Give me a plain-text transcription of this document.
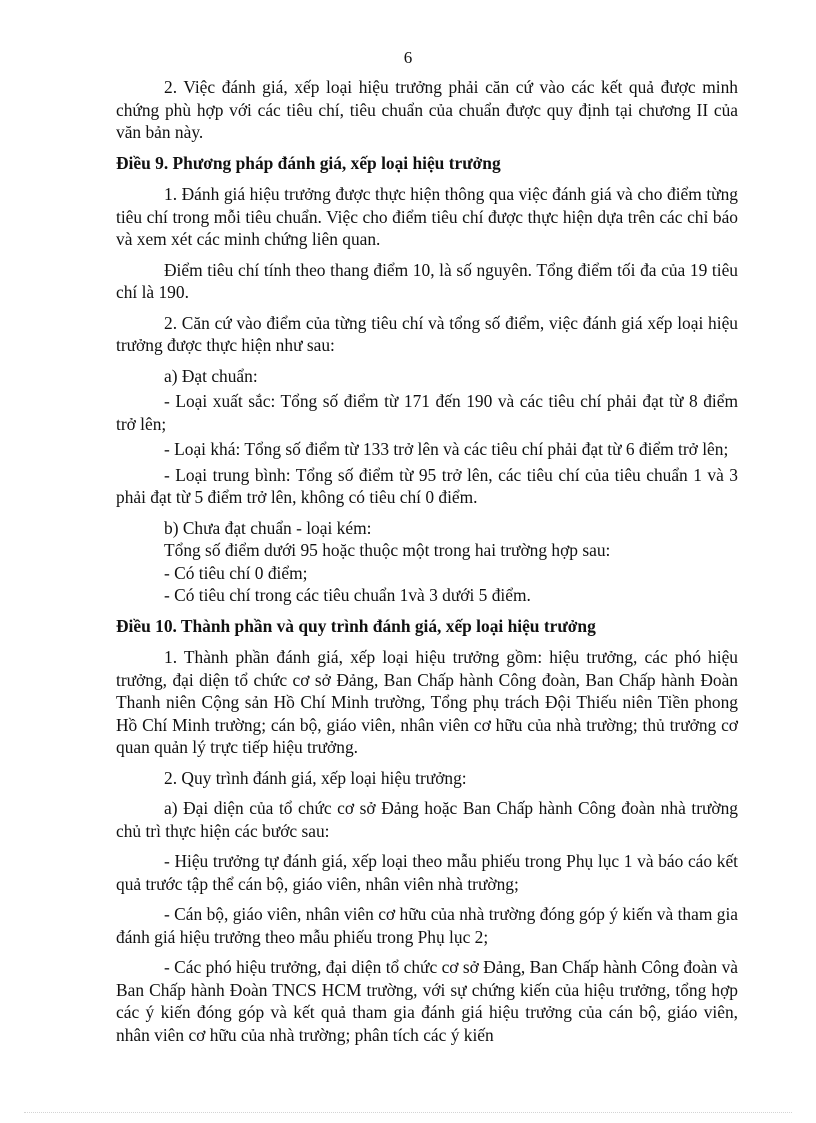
6

2. Việc đánh giá, xếp loại hiệu trưởng phải căn cứ vào các kết quả được minh chứng phù hợp với các tiêu chí, tiêu chuẩn của chuẩn được quy định tại chương II của văn bản này.

Điều 9. Phương pháp đánh giá, xếp loại hiệu trưởng

1. Đánh giá hiệu trưởng được thực hiện thông qua việc đánh giá và cho điểm từng tiêu chí trong mỗi tiêu chuẩn. Việc cho điểm tiêu chí được thực hiện dựa trên các chỉ báo và xem xét các minh chứng liên quan.

Điểm tiêu chí tính theo thang điểm 10, là số nguyên. Tổng điểm tối đa của 19 tiêu chí là 190.

2. Căn cứ vào điểm của từng tiêu chí và tổng số điểm, việc đánh giá xếp loại hiệu trưởng được thực hiện như sau:

a) Đạt chuẩn:

- Loại xuất sắc: Tổng số điểm từ 171 đến 190 và các tiêu chí phải đạt từ 8 điểm trở lên;

- Loại khá: Tổng số điểm từ 133 trở lên và các tiêu chí phải đạt từ 6 điểm trở lên;

- Loại trung bình: Tổng số điểm từ 95 trở lên, các tiêu chí của tiêu chuẩn 1 và 3 phải đạt từ 5 điểm trở lên, không có tiêu chí 0 điểm.

b) Chưa đạt chuẩn - loại kém:

Tổng số điểm dưới 95 hoặc thuộc một trong hai trường hợp sau:

- Có tiêu chí 0 điểm;

- Có tiêu chí trong các tiêu chuẩn 1và 3 dưới 5 điểm.

Điều 10. Thành phần và quy trình đánh giá, xếp loại hiệu trưởng

1. Thành phần đánh giá, xếp loại hiệu trưởng gồm: hiệu trưởng, các phó hiệu trưởng, đại diện tổ chức cơ sở Đảng, Ban Chấp hành Công đoàn, Ban Chấp hành Đoàn Thanh niên Cộng sản Hồ Chí Minh trường, Tổng phụ trách Đội Thiếu niên Tiền phong Hồ Chí Minh trường; cán bộ, giáo viên, nhân viên cơ hữu của nhà trường; thủ trưởng cơ quan quản lý trực tiếp hiệu trưởng.

2. Quy trình đánh giá, xếp loại hiệu trưởng:

a) Đại diện của tổ chức cơ sở Đảng hoặc Ban Chấp hành Công đoàn nhà trường chủ trì thực hiện các bước sau:

- Hiệu trưởng tự đánh giá, xếp loại theo mẫu phiếu trong Phụ lục 1 và báo cáo kết quả trước tập thể cán bộ, giáo viên, nhân viên nhà trường;

- Cán bộ, giáo viên, nhân viên cơ hữu của nhà trường đóng góp ý kiến và tham gia đánh giá hiệu trưởng theo mẫu phiếu trong Phụ lục 2;

- Các phó hiệu trưởng, đại diện tổ chức cơ sở Đảng, Ban Chấp hành Công đoàn và Ban Chấp hành Đoàn TNCS HCM trường, với sự chứng kiến của hiệu trưởng, tổng hợp các ý kiến đóng góp và kết quả tham gia đánh giá hiệu trưởng của cán bộ, giáo viên, nhân viên cơ hữu của nhà trường; phân tích các ý kiến
